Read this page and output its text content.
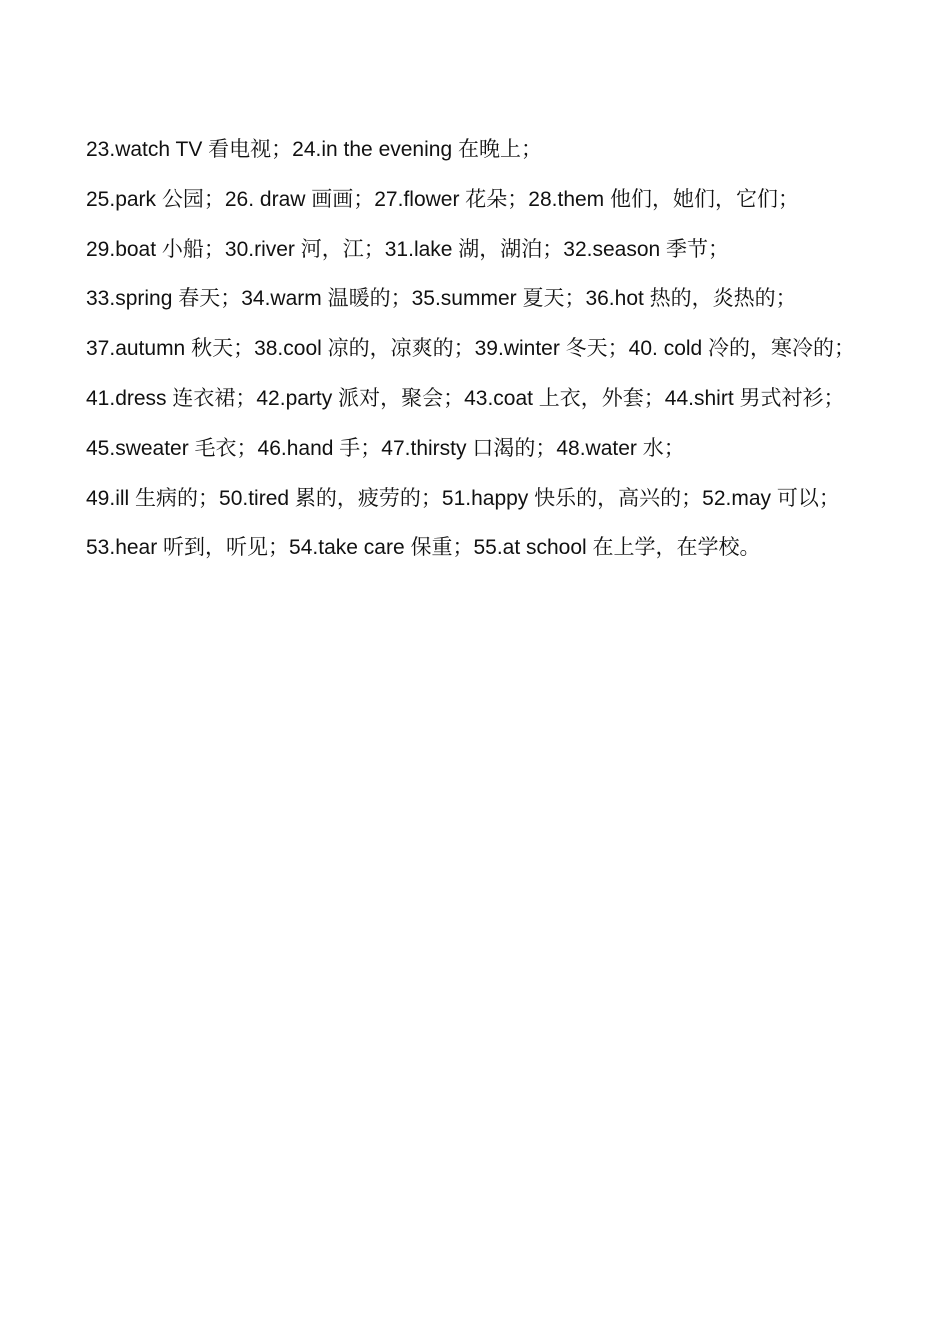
23.watch TV 看电视；24.in the evening 在晚上；
25.park 公园；26. draw 画画；27.flower 花朵；28.them 他们，她们，它们；
29.boat 小船；30.river 河，江；31.lake 湖，湖泊；32.season 季节；
33.spring 春天；34.warm 温暖的；35.summer 夏天；36.hot 热的，炎热的；
37.autumn 秋天；38.cool 凉的，凉爽的；39.winter 冬天；40. cold 冷的，寒冷的；
41.dress 连衣裙；42.party 派对，聚会；43.coat 上衣，外套；44.shirt 男式衬衫；
45.sweater 毛衣；46.hand 手；47.thirsty 口渴的；48.water 水；
49.ill 生病的；50.tired 累的，疲劳的；51.happy 快乐的，高兴的；52.may 可以；
53.hear 听到，听见；54.take care 保重；55.at school 在上学，在学校。
